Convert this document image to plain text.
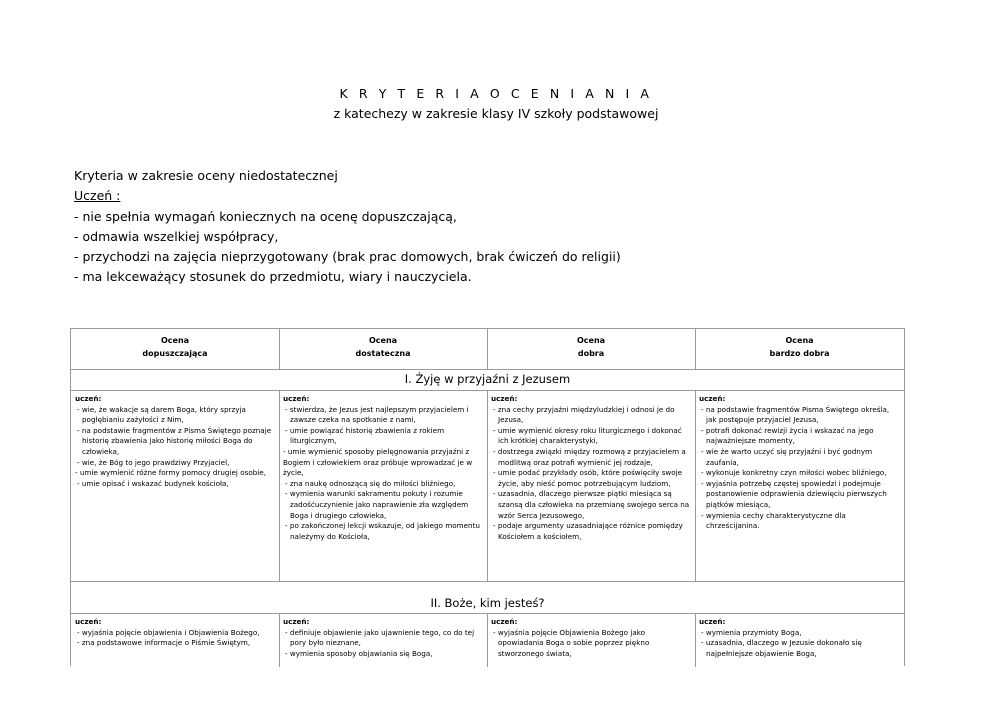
K R Y T E R I A O C E N I A N I A
z katechezy w zakresie klasy IV szkoły podstawowej
Kryteria w zakresie oceny niedostatecznej
Uczeń :
- nie spełnia wymagań koniecznych na ocenę dopuszczającą,
- odmawia wszelkiej współpracy,
- przychodzi na zajęcia nieprzygotowany (brak prac domowych, brak ćwiczeń do religii)
- ma lekceważący stosunek do przedmiotu, wiary i nauczyciela.
Ocena
dopuszczająca
Ocena
dostateczna
Ocena
dobra
Ocena
bardzo dobra
I. Żyję w przyjaźni z Jezusem
uczeń:
- wie, że wakacje są darem Boga, który sprzyja pogłębianiu zażyłości z Nim,
- na podstawie fragmentów z Pisma Świętego poznaje historię zbawienia jako historię miłości Boga do człowieka,
- wie, że Bóg to jego prawdziwy Przyjaciel,
- umie wymienić różne formy pomocy drugiej osobie,
- umie opisać i wskazać budynek kościoła,
uczeń:
- stwierdza, że Jezus jest najlepszym przyjacielem i zawsze czeka na spotkanie z nami,
- umie powiązać historię zbawienia z rokiem liturgicznym,
- umie wymienić sposoby pielęgnowania przyjaźni z Bogiem i człowiekiem oraz próbuje wprowadzać je w życie,
- zna naukę odnoszącą się do miłości bliźniego,
- wymienia warunki sakramentu pokuty i rozumie zadośćuczynienie jako naprawienie zła względem Boga i drugiego człowieka,
- po zakończonej lekcji wskazuje, od jakiego momentu należymy do Kościoła,
uczeń:
- zna cechy przyjaźni międzyludzkiej i odnosi je do Jezusa,
- umie wymienić okresy roku liturgicznego i dokonać ich krótkiej charakterystyki,
- dostrzega związki między rozmową z przyjacielem a modlitwą oraz potrafi wymienić jej rodzaje,
- umie podać przykłady osób, które poświęciły swoje życie, aby nieść pomoc potrzebującym ludziom,
- uzasadnia, dlaczego pierwsze piątki miesiąca są szansą dla człowieka na przemianę swojego serca na wzór Serca Jezusowego,
- podaje argumenty uzasadniające różnice pomiędzy Kościołem a kościołem,
uczeń:
- na podstawie fragmentów Pisma Świętego określa, jak postępuje przyjaciel Jezusa,
- potrafi dokonać rewizji życia i wskazać na jego najważniejsze momenty,
- wie że warto uczyć się przyjaźni i być godnym zaufania,
- wykonuje konkretny czyn miłości wobec bliźniego,
- wyjaśnia potrzebę częstej spowiedzi i podejmuje postanowienie odprawienia dziewięciu pierwszych piątków miesiąca,
- wymienia cechy charakterystyczne dla chrześcijanina.
II. Boże, kim jesteś?
uczeń:
- wyjaśnia pojęcie objawienia i Objawienia Bożego,
- zna podstawowe informacje o Piśmie Świętym,
uczeń:
- definiuje objawienie jako ujawnienie tego, co do tej pory było nieznane,
- wymienia sposoby objawiania się Boga,
uczeń:
- wyjaśnia pojęcie Objawienia Bożego jako opowiadania Boga o sobie poprzez piękno stworzonego świata,
uczeń:
- wymienia przymioty Boga,
- uzasadnia, dlaczego w Jezusie dokonało się najpełniejsze objawienie Boga,
